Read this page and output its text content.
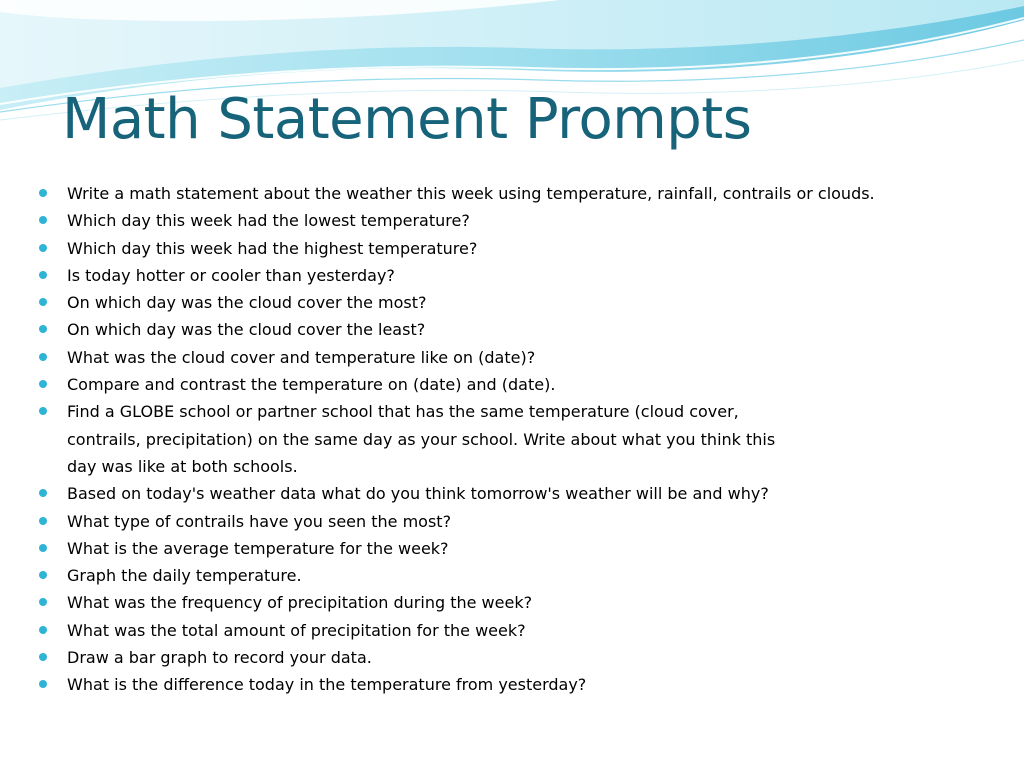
Math Statement Prompts
Write a math statement about the weather this week using temperature, rainfall, contrails or clouds.
Which day this week had the lowest temperature?
Which day this week had the highest temperature?
Is today hotter or cooler than yesterday?
On which day was the cloud cover the most?
On which day was the cloud cover the least?
What was the cloud cover and temperature like on (date)?
Compare and contrast the temperature on (date) and (date).
Find a GLOBE school or partner school that has the same temperature (cloud cover,
contrails, precipitation) on the same day as your school. Write about what you think this
day was like at both schools.
Based on today's weather data what do you think tomorrow's weather will be and why?
What type of contrails have you seen the most?
What is the average temperature for the week?
Graph the daily temperature.
What was the frequency of precipitation during the week?
What was the total amount of precipitation for the week?
Draw a bar graph to record your data.
What is the difference today in the temperature from yesterday?
